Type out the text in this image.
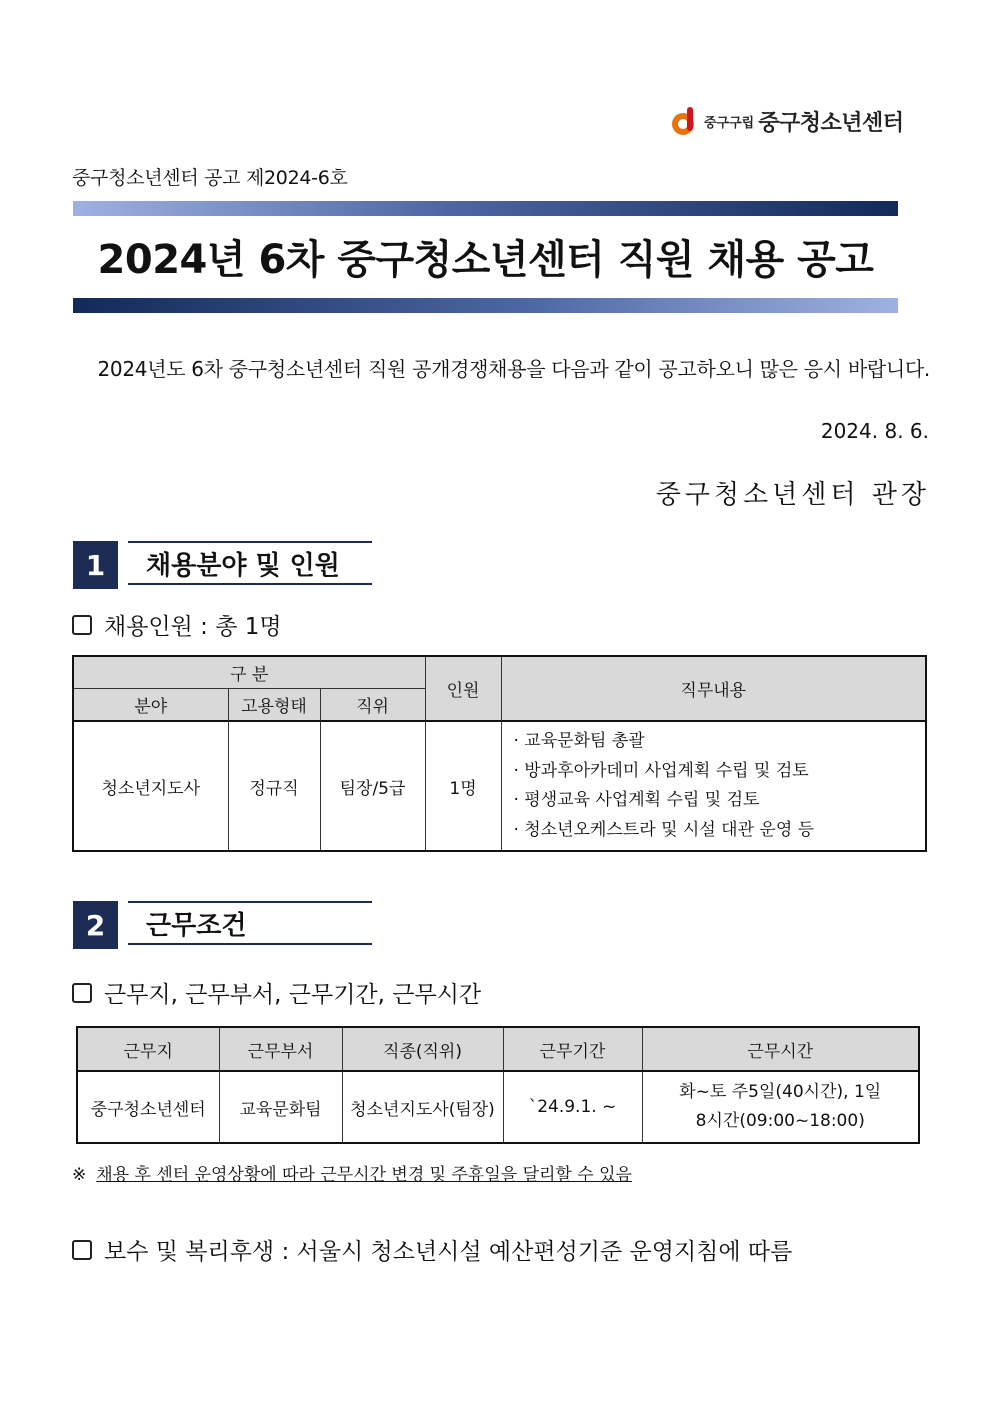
중구구립 중구청소년센터
중구청소년센터 공고 제2024-6호
2024년 6차 중구청소년센터 직원 채용 공고
2024년도 6차 중구청소년센터 직원 공개경쟁채용을 다음과 같이 공고하오니 많은 응시 바랍니다.
2024. 8. 6.
중구청소년센터 관장
1	채용분야 및 인원
채용인원 : 총 1명
구 분			인원	직무내용
분야	고용형태	직위		
청소년지도사	정규직	팀장/5급	1명	· 교육문화팀 총괄
· 방과후아카데미 사업계획 수립 및 검토
· 평생교육 사업계획 수립 및 검토
· 청소년오케스트라 및 시설 대관 운영 등
2	근무조건
근무지, 근무부서, 근무기간, 근무시간
근무지	근무부서	직종(직위)	근무기간	근무시간
중구청소년센터	교육문화팀	청소년지도사(팀장)	`24.9.1. ~	화~토 주5일(40시간), 1일
8시간(09:00~18:00)
※ 채용 후 센터 운영상황에 따라 근무시간 변경 및 주휴일을 달리할 수 있음
보수 및 복리후생 : 서울시 청소년시설 예산편성기준 운영지침에 따름
